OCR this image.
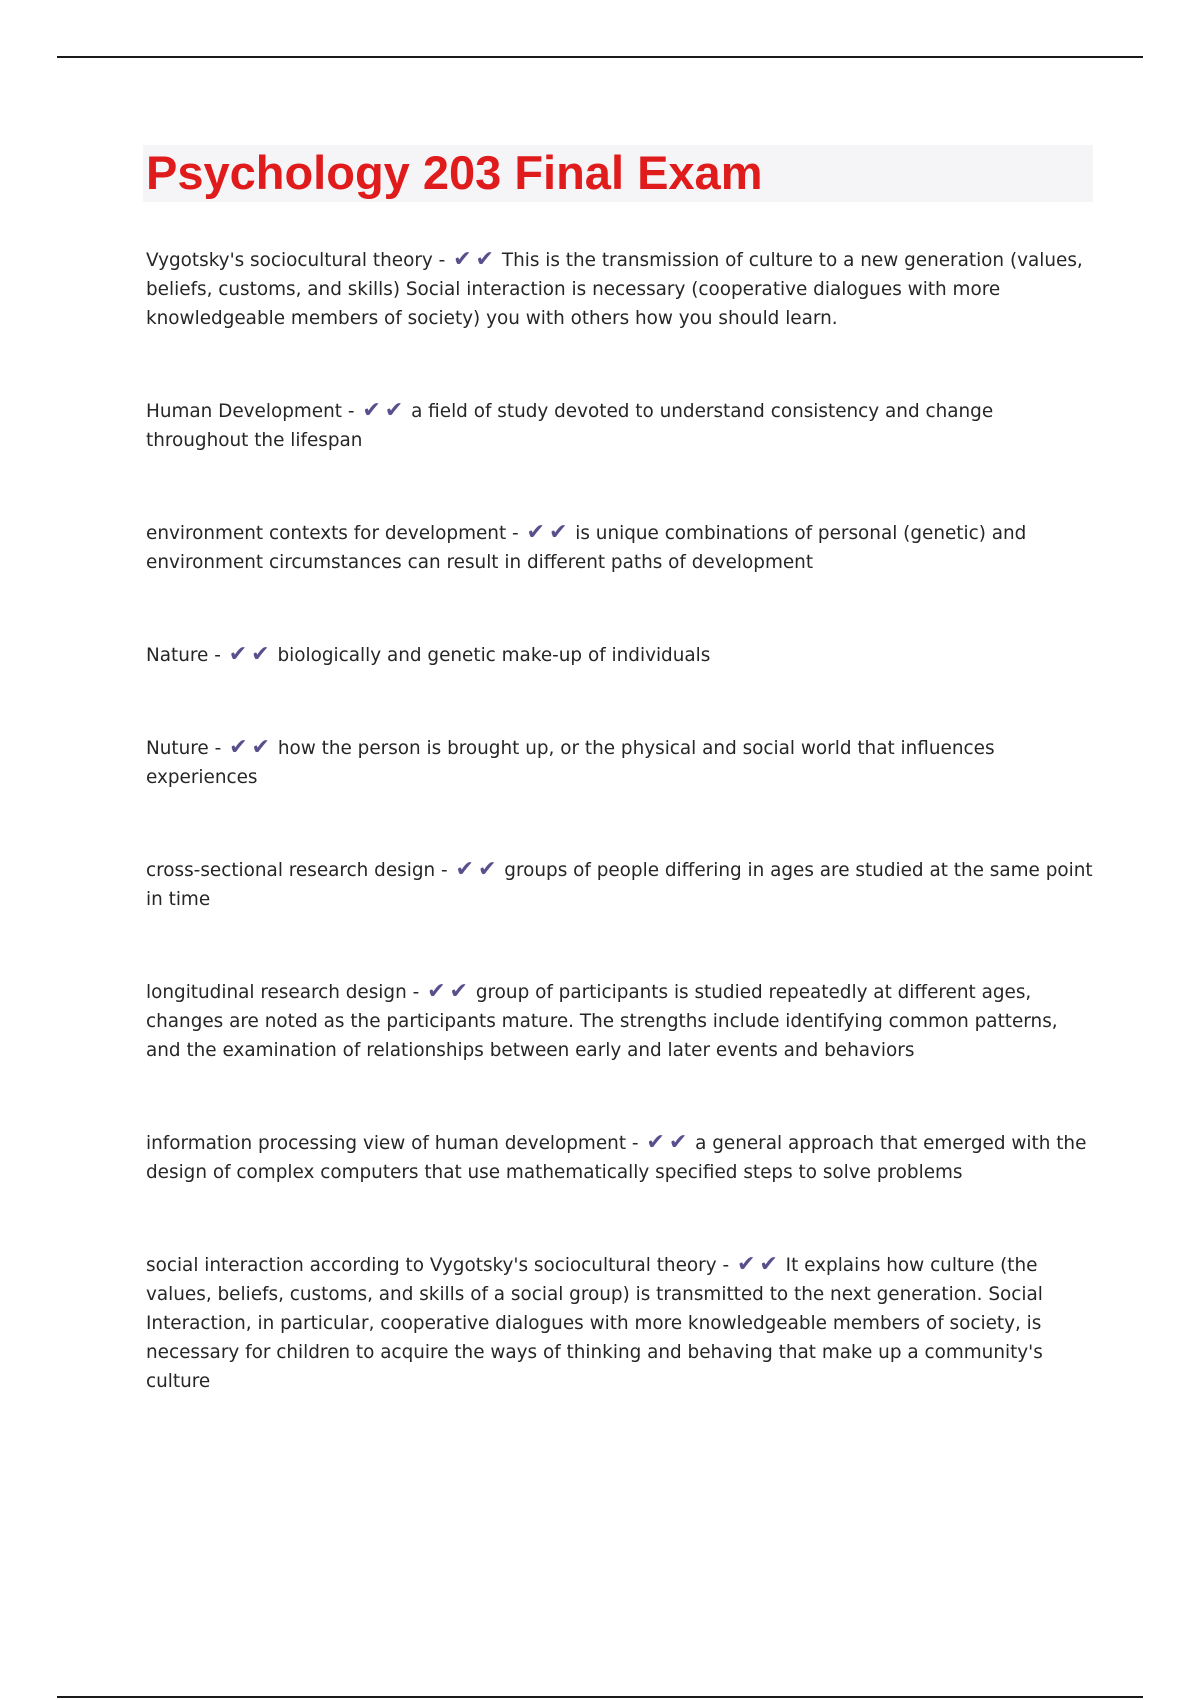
Psychology 203 Final Exam

Vygotsky's sociocultural theory - ✔ ✔ This is the transmission of culture to a new generation (values, beliefs, customs, and skills) Social interaction is necessary (cooperative dialogues with more knowledgeable members of society) you with others how you should learn.

Human Development - ✔ ✔ a field of study devoted to understand consistency and change throughout the lifespan

environment contexts for development - ✔ ✔ is unique combinations of personal (genetic) and environment circumstances can result in different paths of development

Nature - ✔ ✔ biologically and genetic make-up of individuals

Nuture - ✔ ✔ how the person is brought up, or the physical and social world that influences experiences

cross-sectional research design - ✔ ✔ groups of people differing in ages are studied at the same point in time

longitudinal research design - ✔ ✔ group of participants is studied repeatedly at different ages, changes are noted as the participants mature. The strengths include identifying common patterns, and the examination of relationships between early and later events and behaviors

information processing view of human development - ✔ ✔ a general approach that emerged with the design of complex computers that use mathematically specified steps to solve problems

social interaction according to Vygotsky's sociocultural theory - ✔ ✔ It explains how culture (the values, beliefs, customs, and skills of a social group) is transmitted to the next generation. Social Interaction, in particular, cooperative dialogues with more knowledgeable members of society, is necessary for children to acquire the ways of thinking and behaving that make up a community's culture
